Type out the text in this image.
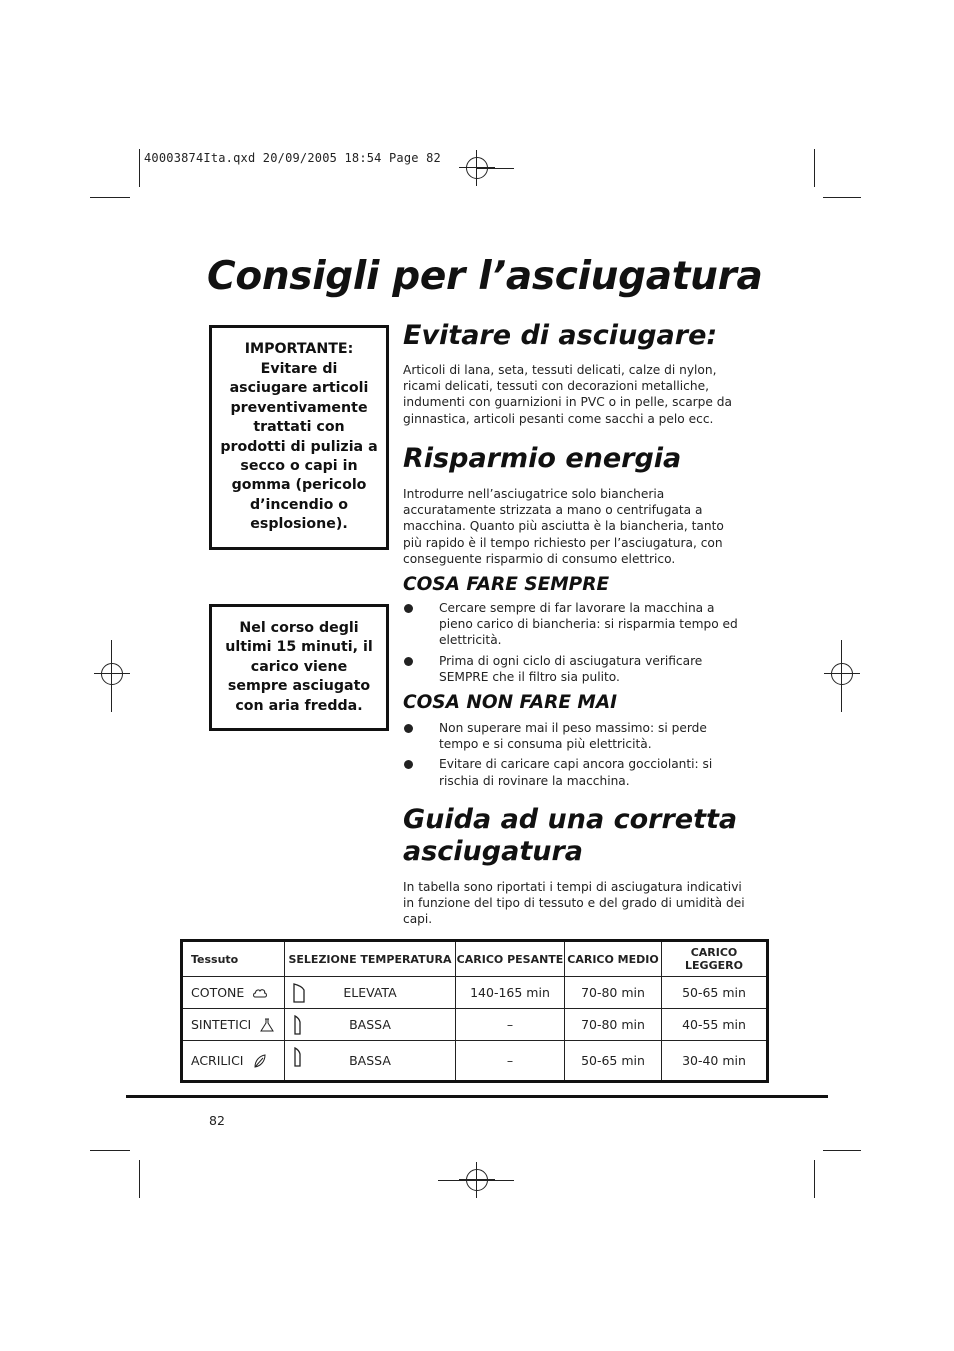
40003874Ita.qxd 20/09/2005 18:54 Page 82
Consigli per l’asciugatura

IMPORTANTE: Evitare di asciugare articoli preventivamente trattati con prodotti di pulizia a secco o capi in gomma (pericolo d’incendio o esplosione).

Nel corso degli ultimi 15 minuti, il carico viene sempre asciugato con aria fredda.

Evitare di asciugare:

Articoli di lana, seta, tessuti delicati, calze di nylon, ricami delicati, tessuti con decorazioni metalliche, indumenti con guarnizioni in PVC o in pelle, scarpe da ginnastica, articoli pesanti come sacchi a pelo ecc.

Risparmio energia

Introdurre nell’asciugatrice solo biancheria accuratamente strizzata a mano o centrifugata a macchina. Quanto più asciutta è la biancheria, tanto più rapido è il tempo richiesto per l’asciugatura, con conseguente risparmio di consumo elettrico.

COSA FARE SEMPRE
Cercare sempre di far lavorare la macchina a pieno carico di biancheria: si risparmia tempo ed elettricità.
Prima di ogni ciclo di asciugatura verificare SEMPRE che il filtro sia pulito.
COSA NON FARE MAI
Non superare mai il peso massimo: si perde tempo e si consuma più elettricità.
Evitare di caricare capi ancora gocciolanti: si rischia di rovinare la macchina.
Guida ad una corretta
asciugatura

In tabella sono riportati i tempi di asciugatura indicativi in funzione del tipo di tessuto e del grado di umidità dei capi.

Tessuto	SELEZIONE TEMPERATURA	CARICO PESANTE	CARICO MEDIO	CARICO LEGGERO

COTONE	ELEVATA	140-165 min	70-80 min	50-65 min

SINTETICI	BASSA	–	70-80 min	40-55 min

ACRILICI	BASSA	–	50-65 min	30-40 min
82
